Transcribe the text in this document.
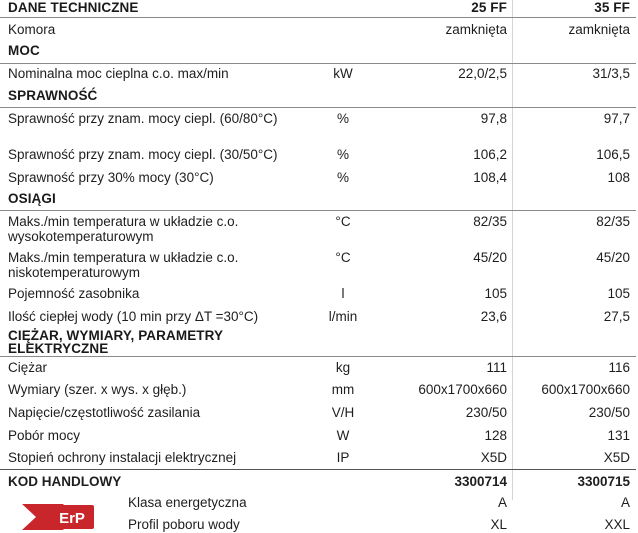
DANE TECHNICZNE	25 FF	35 FF
Komora	zamknięta	zamknięta
MOC
Nominalna moc cieplna c.o. max/min	kW	22,0/2,5	31/3,5
SPRAWNOŚĆ
Sprawność przy znam. mocy ciepl. (60/80°C)	%	97,8	97,7
Sprawność przy znam. mocy ciepl. (30/50°C)	%	106,2	106,5
Sprawność przy 30% mocy (30°C)	%	108,4	108
OSIĄGI
Maks./min temperatura w układzie c.o. wysokotemperaturowym
°C	82/35	82/35
Maks./min temperatura w układzie c.o. niskotemperaturowym
°C	45/20	45/20
Pojemność zasobnika	l	105	105
Ilość ciepłej wody (10 min przy ΔT =30°C)	l/min	23,6	27,5
CIĘŻAR, WYMIARY, PARAMETRY ELEKTRYCZNE
Ciężar	kg	111	116
Wymiary (szer. x wys. x głęb.)	mm	600x1700x660	600x1700x660
Napięcie/częstotliwość zasilania	V/H	230/50	230/50
Pobór mocy	W	128	131
Stopień ochrony instalacji elektrycznej	IP	X5D	X5D
KOD HANDLOWY	3300714	3300715
ErP
Klasa energetyczna	A	A
Profil poboru wody	XL	XXL
